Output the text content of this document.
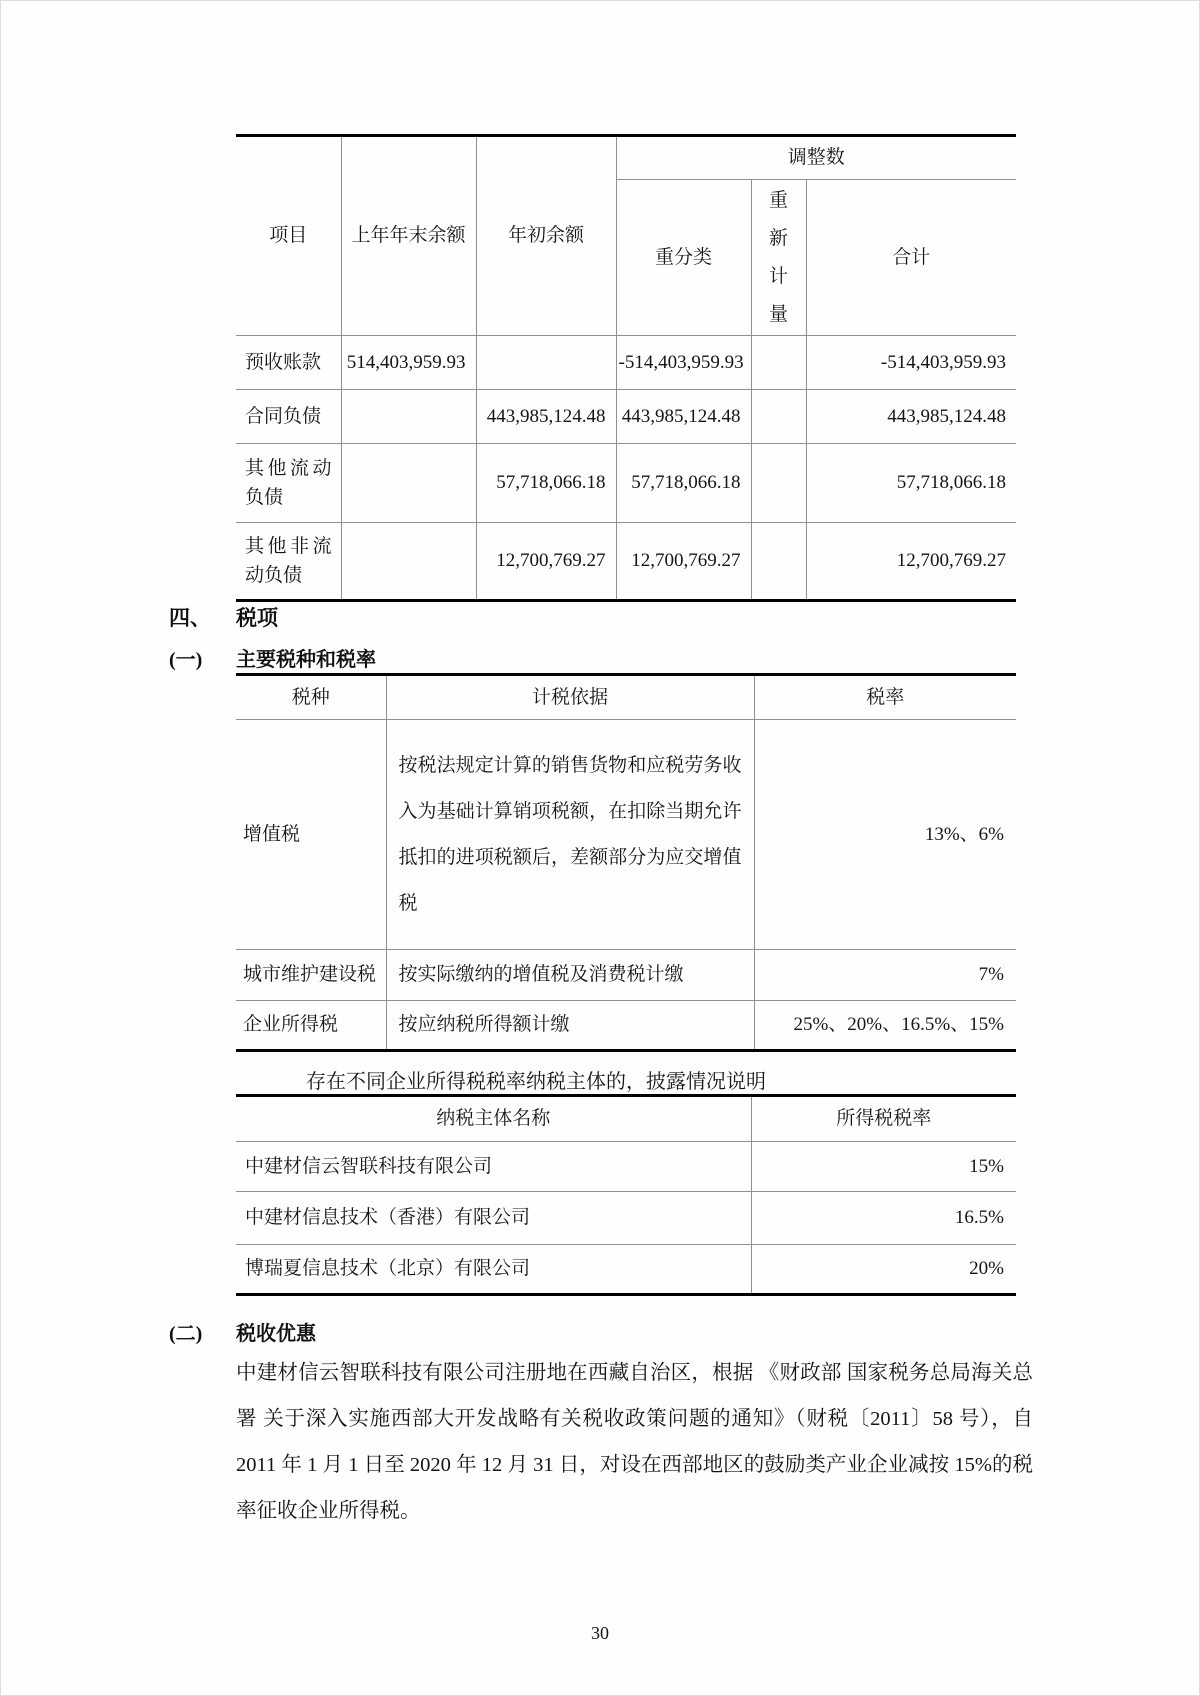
项目	上年年末余额	年初余额	调整数		
			重分类	重新计量	合计
预收账款	514,403,959.93		-514,403,959.93		-514,403,959.93
合同负债		443,985,124.48	443,985,124.48		443,985,124.48
其他流动负债		57,718,066.18	57,718,066.18		57,718,066.18
其他非流动负债		12,700,769.27	12,700,769.27		12,700,769.27
四、 税项
(一) 主要税种和税率
税种	计税依据	税率
增值税	按税法规定计算的销售货物和应税劳务收入为基础计算销项税额，在扣除当期允许抵扣的进项税额后，差额部分为应交增值税	13%、6%
城市维护建设税	按实际缴纳的增值税及消费税计缴	7%
企业所得税	按应纳税所得额计缴	25%、20%、16.5%、15%
存在不同企业所得税税率纳税主体的，披露情况说明
纳税主体名称	所得税税率
中建材信云智联科技有限公司	15%
中建材信息技术（香港）有限公司	16.5%
博瑞夏信息技术（北京）有限公司	20%
(二) 税收优惠
中建材信云智联科技有限公司注册地在西藏自治区，根据 《财政部 国家税务总局海关总署 关于深入实施西部大开发战略有关税收政策问题的通知》（财税〔2011〕58 号），自 2011 年 1 月 1 日至 2020 年 12 月 31 日，对设在西部地区的鼓励类产业企业减按 15%的税率征收企业所得税。
30
